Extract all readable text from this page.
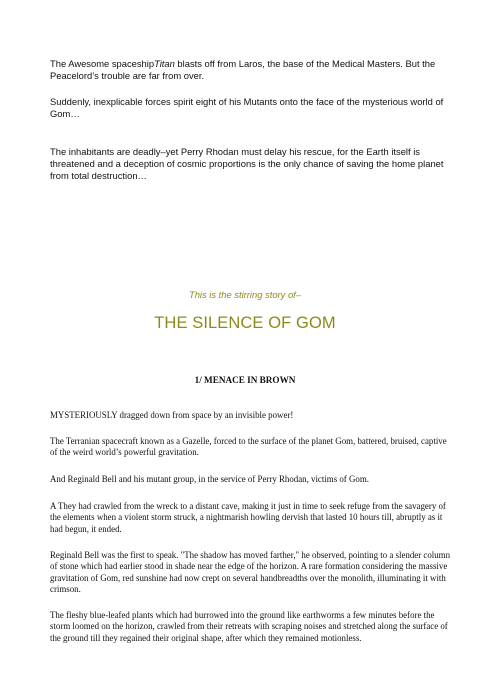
The Awesome spaceshipTitan blasts off from Laros, the base of the Medical Masters. But the Peacelord’s trouble are far from over.

Suddenly, inexplicable forces spirit eight of his Mutants onto the face of the mysterious world of Gom…

The inhabitants are deadly–yet Perry Rhodan must delay his rescue, for the Earth itself is threatened and a deception of cosmic proportions is the only chance of saving the home planet from total destruction…

This is the stirring story of–
THE SILENCE OF GOM
1/ MENACE IN BROWN

MYSTERIOUSLY dragged down from space by an invisible power!

The Terranian spacecraft known as a Gazelle, forced to the surface of the planet Gom, battered, bruised, captive of the weird world’s powerful gravitation.

And Reginald Bell and his mutant group, in the service of Perry Rhodan, victims of Gom.

A They had crawled from the wreck to a distant cave, making it just in time to seek refuge from the savagery of the elements when a violent storm struck, a nightmarish howling dervish that lasted 10 hours till, abruptly as it had begun, it ended.

Reginald Bell was the first to speak. "The shadow has moved farther," he observed, pointing to a slender column of stone which had earlier stood in shade near the edge of the horizon. A rare formation considering the massive gravitation of Gom, red sunshine had now crept on several handbreadths over the monolith, illuminating it with crimson.

The fleshy blue-leafed plants which had burrowed into the ground like earthworms a few minutes before the storm loomed on the horizon, crawled from their retreats with scraping noises and stretched along the surface of the ground till they regained their original shape, after which they remained motionless.
